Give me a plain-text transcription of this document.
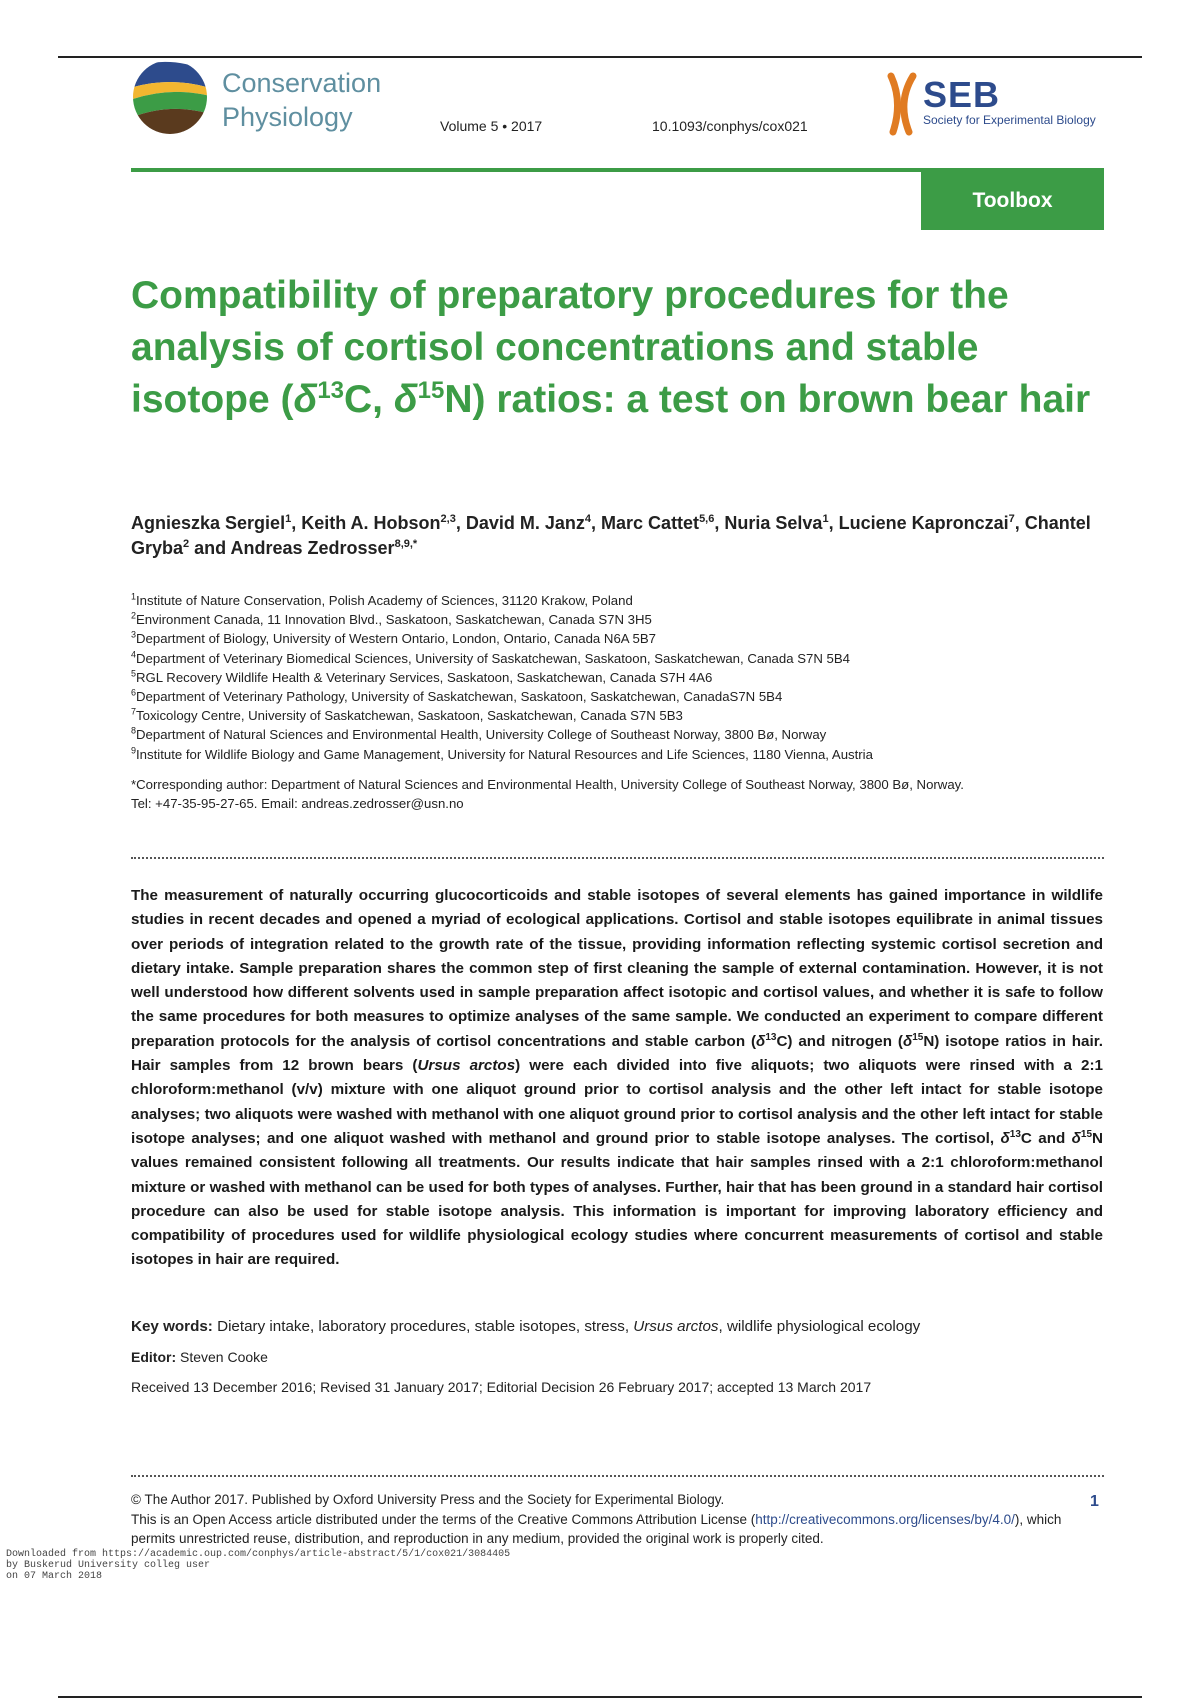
Conservation
Physiology	Volume 5 • 2017	10.1093/conphys/cox021
SEB
Society for Experimental Biology
Toolbox
Compatibility of preparatory procedures for the analysis of cortisol concentrations and stable isotope ($\delta^{13}C$, $\delta^{15}N$) ratios: a test on brown bear hair
Agnieszka Sergiel$^1$, Keith A. Hobson$^{2,3}$, David M. Janz$^4$, Marc Cattet$^{5,6}$, Nuria Selva$^1$, Luciene Kapronczai$^7$, Chantel Gryba$^2$ and Andreas Zedrosser$^{8,9,*}$
$^1$Institute of Nature Conservation, Polish Academy of Sciences, 31120 Krakow, Poland
$^2$Environment Canada, 11 Innovation Blvd., Saskatoon, Saskatchewan, Canada S7N 3H5
$^3$Department of Biology, University of Western Ontario, London, Ontario, Canada N6A 5B7
$^4$Department of Veterinary Biomedical Sciences, University of Saskatchewan, Saskatoon, Saskatchewan, Canada S7N 5B4
$^5$RGL Recovery Wildlife Health & Veterinary Services, Saskatoon, Saskatchewan, Canada S7H 4A6
$^6$Department of Veterinary Pathology, University of Saskatchewan, Saskatoon, Saskatchewan, CanadaS7N 5B4
$^7$Toxicology Centre, University of Saskatchewan, Saskatoon, Saskatchewan, Canada S7N 5B3
$^8$Department of Natural Sciences and Environmental Health, University College of Southeast Norway, 3800 Bø, Norway
$^9$Institute for Wildlife Biology and Game Management, University for Natural Resources and Life Sciences, 1180 Vienna, Austria
*Corresponding author: Department of Natural Sciences and Environmental Health, University College of Southeast Norway, 3800 Bø, Norway.
Tel: +47-35-95-27-65. Email: andreas.zedrosser@usn.no
The measurement of naturally occurring glucocorticoids and stable isotopes of several elements has gained importance in wildlife studies in recent decades and opened a myriad of ecological applications. Cortisol and stable isotopes equilibrate in animal tissues over periods of integration related to the growth rate of the tissue, providing information reflecting systemic cortisol secretion and dietary intake. Sample preparation shares the common step of first cleaning the sample of external contamination. However, it is not well understood how different solvents used in sample preparation affect isotopic and cortisol values, and whether it is safe to follow the same procedures for both measures to optimize analyses of the same sample. We conducted an experiment to compare different preparation protocols for the analysis of cortisol concentrations and stable carbon $(\delta^{13}C)$ and nitrogen $(\delta^{15}N)$ isotope ratios in hair. Hair samples from 12 brown bears (Ursus arctos) were each divided into five aliquots; two aliquots were rinsed with a 2:1 chloroform:methanol (v/v) mixture with one aliquot ground prior to cortisol analysis and the other left intact for stable isotope analyses; two aliquots were washed with methanol with one aliquot ground prior to cortisol analysis and the other left intact for stable isotope analyses; and one aliquot washed with methanol and ground prior to stable isotope analyses. The cortisol, $\delta^{13}C$ and $\delta^{15}N$ values remained consistent following all treatments. Our results indicate that hair samples rinsed with a 2:1 chloroform:methanol mixture or washed with methanol can be used for both types of analyses. Further, hair that has been ground in a standard hair cortisol procedure can also be used for stable isotope analysis. This information is important for improving laboratory efficiency and compatibility of procedures used for wildlife physiological ecology studies where concurrent measurements of cortisol and stable isotopes in hair are required.
Key words: Dietary intake, laboratory procedures, stable isotopes, stress, Ursus arctos, wildlife physiological ecology
Editor: Steven Cooke
Received 13 December 2016; Revised 31 January 2017; Editorial Decision 26 February 2017; accepted 13 March 2017
© The Author 2017. Published by Oxford University Press and the Society for Experimental Biology.
This is an Open Access article distributed under the terms of the Creative Commons Attribution License (http://creativecommons.org/licenses/by/4.0/), which permits unrestricted reuse, distribution, and reproduction in any medium, provided the original work is properly cited.
1
Downloaded from https://academic.oup.com/conphys/article-abstract/5/1/cox021/3084405
by Buskerud University colleg user
on 07 March 2018
